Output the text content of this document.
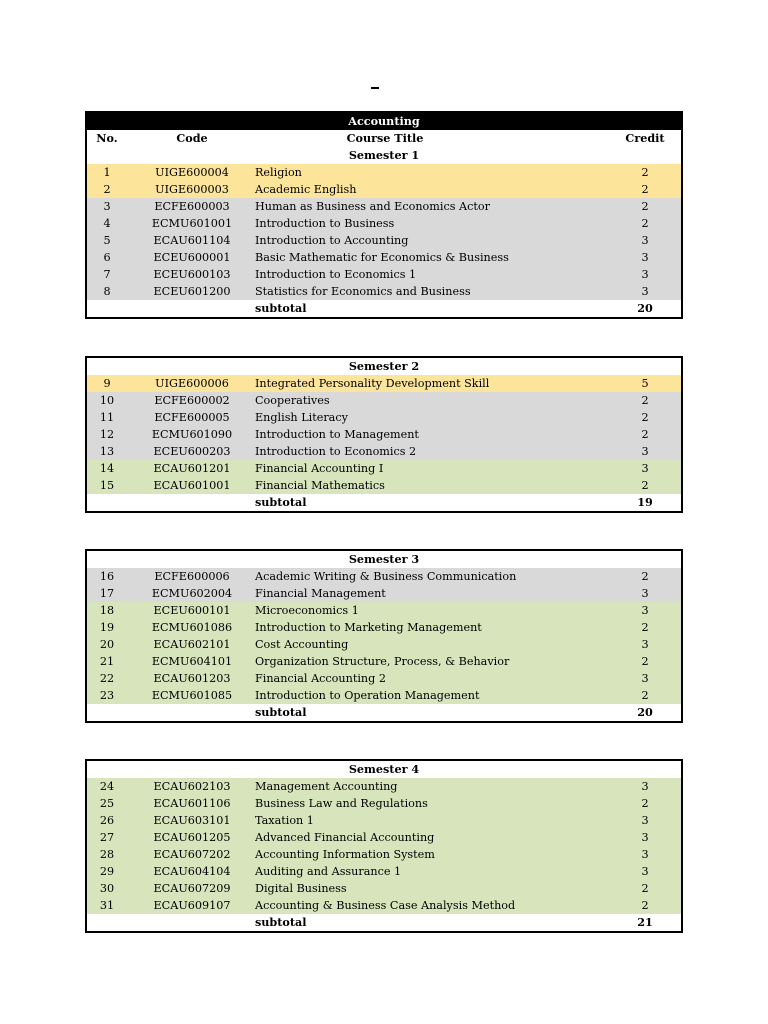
Accounting
No.	Code	Course Title	Credit
Semester 1
1	UIGE600004	Religion	2
2	UIGE600003	Academic English	2
3	ECFE600003	Human as Business and Economics Actor	2
4	ECMU601001	Introduction to Business	2
5	ECAU601104	Introduction to Accounting	3
6	ECEU600001	Basic Mathematic for Economics & Business	3
7	ECEU600103	Introduction to Economics 1	3
8	ECEU601200	Statistics for Economics and Business	3
subtotal	20
Semester 2
9	UIGE600006	Integrated Personality Development Skill	5
10	ECFE600002	Cooperatives	2
11	ECFE600005	English Literacy	2
12	ECMU601090	Introduction to Management	2
13	ECEU600203	Introduction to Economics 2	3
14	ECAU601201	Financial Accounting I	3
15	ECAU601001	Financial Mathematics	2
subtotal	19
Semester 3
16	ECFE600006	Academic Writing & Business Communication	2
17	ECMU602004	Financial Management	3
18	ECEU600101	Microeconomics 1	3
19	ECMU601086	Introduction to Marketing Management	2
20	ECAU602101	Cost Accounting	3
21	ECMU604101	Organization Structure, Process, & Behavior	2
22	ECAU601203	Financial Accounting 2	3
23	ECMU601085	Introduction to Operation Management	2
subtotal	20
Semester 4
24	ECAU602103	Management Accounting	3
25	ECAU601106	Business Law and Regulations	2
26	ECAU603101	Taxation 1	3
27	ECAU601205	Advanced Financial Accounting	3
28	ECAU607202	Accounting Information System	3
29	ECAU604104	Auditing and Assurance 1	3
30	ECAU607209	Digital Business	2
31	ECAU609107	Accounting & Business Case Analysis Method	2
subtotal	21
